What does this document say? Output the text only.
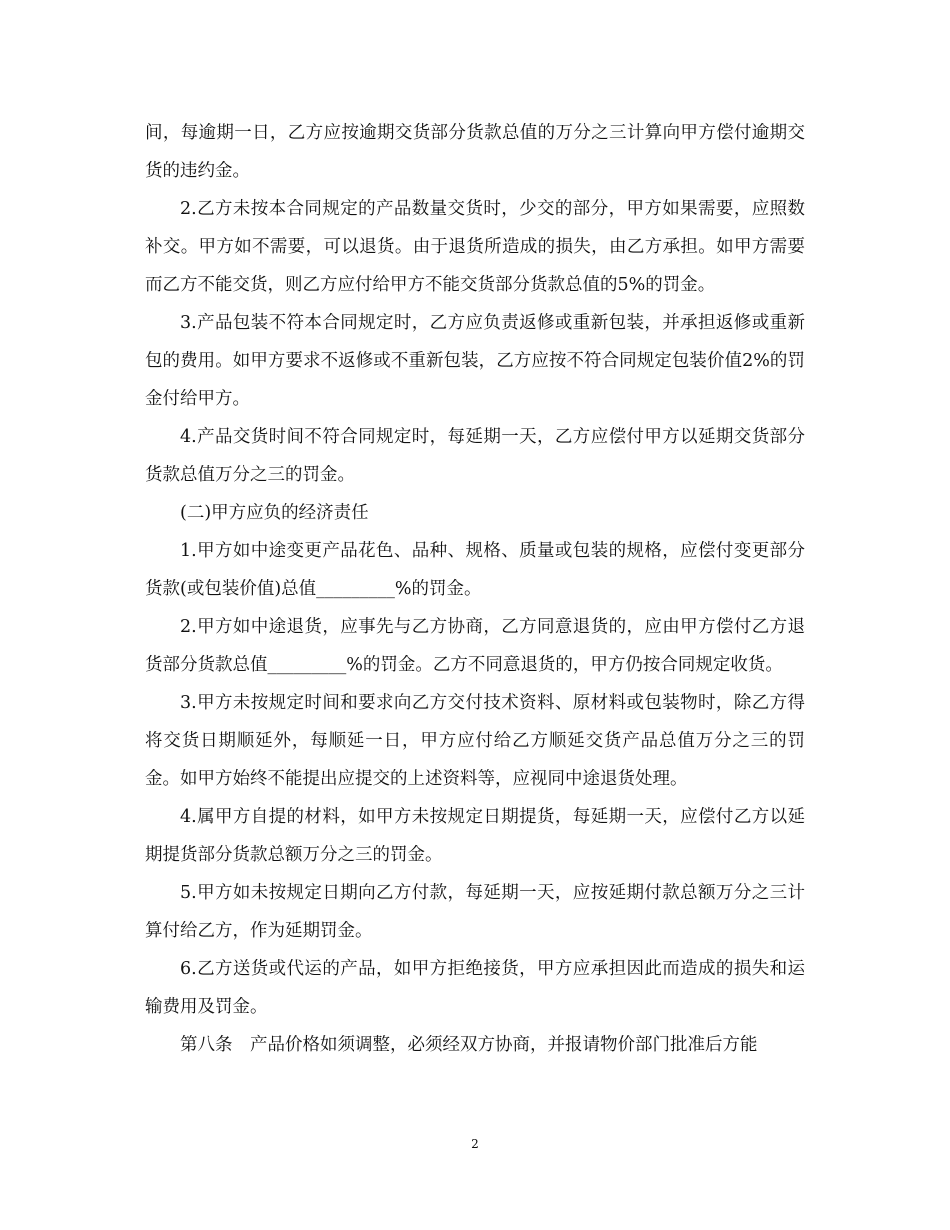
间，每逾期一日，乙方应按逾期交货部分货款总值的万分之三计算向甲方偿付逾期交货的违约金。

2.乙方未按本合同规定的产品数量交货时，少交的部分，甲方如果需要，应照数补交。甲方如不需要，可以退货。由于退货所造成的损失，由乙方承担。如甲方需要而乙方不能交货，则乙方应付给甲方不能交货部分货款总值的5%的罚金。

3.产品包装不符本合同规定时，乙方应负责返修或重新包装，并承担返修或重新包的费用。如甲方要求不返修或不重新包装，乙方应按不符合同规定包装价值2%的罚金付给甲方。

4.产品交货时间不符合同规定时，每延期一天，乙方应偿付甲方以延期交货部分货款总值万分之三的罚金。

(二)甲方应负的经济责任

1.甲方如中途变更产品花色、品种、规格、质量或包装的规格，应偿付变更部分货款(或包装价值)总值_________%的罚金。

2.甲方如中途退货，应事先与乙方协商，乙方同意退货的，应由甲方偿付乙方退货部分货款总值_________%的罚金。乙方不同意退货的，甲方仍按合同规定收货。

3.甲方未按规定时间和要求向乙方交付技术资料、原材料或包装物时，除乙方得将交货日期顺延外，每顺延一日，甲方应付给乙方顺延交货产品总值万分之三的罚金。如甲方始终不能提出应提交的上述资料等，应视同中途退货处理。

4.属甲方自提的材料，如甲方未按规定日期提货，每延期一天，应偿付乙方以延期提货部分货款总额万分之三的罚金。

5.甲方如未按规定日期向乙方付款，每延期一天，应按延期付款总额万分之三计算付给乙方，作为延期罚金。

6.乙方送货或代运的产品，如甲方拒绝接货，甲方应承担因此而造成的损失和运输费用及罚金。

第八条　产品价格如须调整，必须经双方协商，并报请物价部门批准后方能

2
